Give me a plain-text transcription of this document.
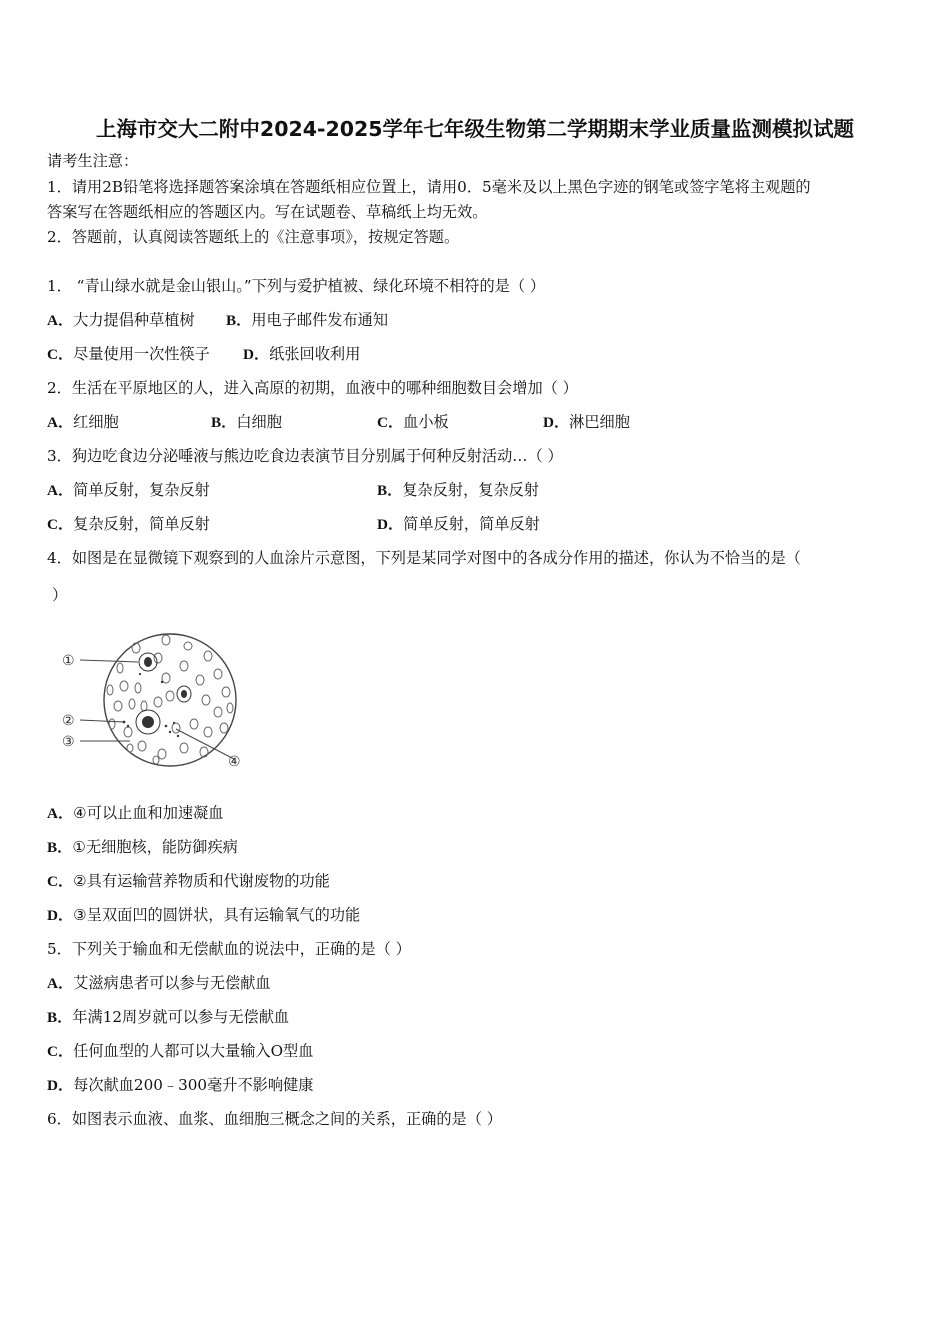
上海市交大二附中2024-2025学年七年级生物第二学期期末学业质量监测模拟试题
请考生注意：
1．请用2B铅笔将选择题答案涂填在答题纸相应位置上，请用0．5毫米及以上黑色字迹的钢笔或签字笔将主观题的
答案写在答题纸相应的答题区内。写在试题卷、草稿纸上均无效。
2．答题前，认真阅读答题纸上的《注意事项》，按规定答题。
1． “青山绿水就是金山银山。”下列与爱护植被、绿化环境不相符的是（ ）
A．大力提倡种草植树 B．用电子邮件发布通知
C．尽量使用一次性筷子 D．纸张回收利用
2．生活在平原地区的人，进入高原的初期，血液中的哪种细胞数目会增加（ ）
A．红细胞	B．白细胞	C．血小板	D．淋巴细胞
3．狗边吃食边分泌唾液与熊边吃食边表演节目分别属于何种反射活动…（ ）
A．简单反射，复杂反射	B．复杂反射，复杂反射
C．复杂反射，简单反射	D．简单反射，简单反射
4．如图是在显微镜下观察到的人血涂片示意图，下列是某同学对图中的各成分作用的描述，你认为不恰当的是（
）
①
②
③
④
A．④可以止血和加速凝血
B．①无细胞核，能防御疾病
C．②具有运输营养物质和代谢废物的功能
D．③呈双面凹的圆饼状，具有运输氧气的功能
5．下列关于输血和无偿献血的说法中，正确的是（ ）
A．艾滋病患者可以参与无偿献血
B．年满12周岁就可以参与无偿献血
C．任何血型的人都可以大量输入O型血
D．每次献血200﹣300毫升不影响健康
6．如图表示血液、血浆、血细胞三概念之间的关系，正确的是（ ）
